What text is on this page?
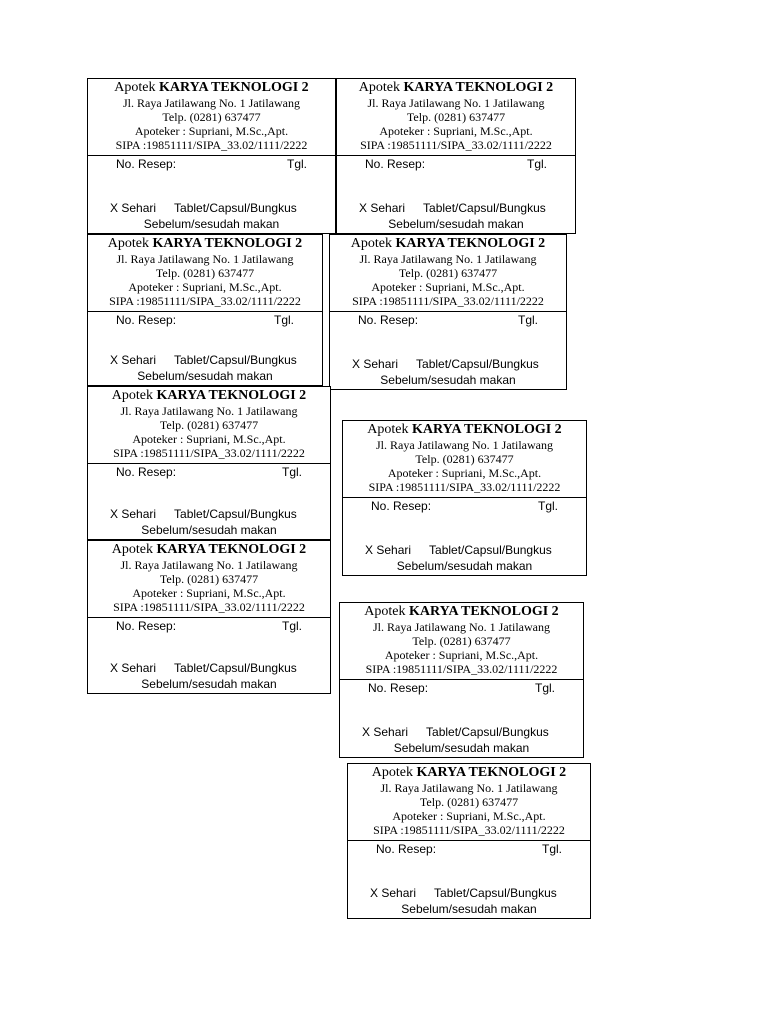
Apotek KARYA TEKNOLOGI 2
Jl. Raya Jatilawang No. 1 Jatilawang
Telp. (0281) 637477
Apoteker : Supriani, M.Sc.,Apt.
SIPA :19851111/SIPA_33.02/1111/2222
No. Resep:	Tgl.
X Sehari Tablet/Capsul/Bungkus
Sebelum/sesudah makan
Apotek KARYA TEKNOLOGI 2
Jl. Raya Jatilawang No. 1 Jatilawang
Telp. (0281) 637477
Apoteker : Supriani, M.Sc.,Apt.
SIPA :19851111/SIPA_33.02/1111/2222
No. Resep:	Tgl.
X Sehari Tablet/Capsul/Bungkus
Sebelum/sesudah makan
Apotek KARYA TEKNOLOGI 2
Jl. Raya Jatilawang No. 1 Jatilawang
Telp. (0281) 637477
Apoteker : Supriani, M.Sc.,Apt.
SIPA :19851111/SIPA_33.02/1111/2222
No. Resep:	Tgl.
X Sehari Tablet/Capsul/Bungkus
Sebelum/sesudah makan
Apotek KARYA TEKNOLOGI 2
Jl. Raya Jatilawang No. 1 Jatilawang
Telp. (0281) 637477
Apoteker : Supriani, M.Sc.,Apt.
SIPA :19851111/SIPA_33.02/1111/2222
No. Resep:	Tgl.
X Sehari Tablet/Capsul/Bungkus
Sebelum/sesudah makan
Apotek KARYA TEKNOLOGI 2
Jl. Raya Jatilawang No. 1 Jatilawang
Telp. (0281) 637477
Apoteker : Supriani, M.Sc.,Apt.
SIPA :19851111/SIPA_33.02/1111/2222
No. Resep:	Tgl.
X Sehari Tablet/Capsul/Bungkus
Sebelum/sesudah makan
Apotek KARYA TEKNOLOGI 2
Jl. Raya Jatilawang No. 1 Jatilawang
Telp. (0281) 637477
Apoteker : Supriani, M.Sc.,Apt.
SIPA :19851111/SIPA_33.02/1111/2222
No. Resep:	Tgl.
X Sehari Tablet/Capsul/Bungkus
Sebelum/sesudah makan
Apotek KARYA TEKNOLOGI 2
Jl. Raya Jatilawang No. 1 Jatilawang
Telp. (0281) 637477
Apoteker : Supriani, M.Sc.,Apt.
SIPA :19851111/SIPA_33.02/1111/2222
No. Resep:	Tgl.
X Sehari Tablet/Capsul/Bungkus
Sebelum/sesudah makan
Apotek KARYA TEKNOLOGI 2
Jl. Raya Jatilawang No. 1 Jatilawang
Telp. (0281) 637477
Apoteker : Supriani, M.Sc.,Apt.
SIPA :19851111/SIPA_33.02/1111/2222
No. Resep:	Tgl.
X Sehari Tablet/Capsul/Bungkus
Sebelum/sesudah makan
Apotek KARYA TEKNOLOGI 2
Jl. Raya Jatilawang No. 1 Jatilawang
Telp. (0281) 637477
Apoteker : Supriani, M.Sc.,Apt.
SIPA :19851111/SIPA_33.02/1111/2222
No. Resep:	Tgl.
X Sehari Tablet/Capsul/Bungkus
Sebelum/sesudah makan
